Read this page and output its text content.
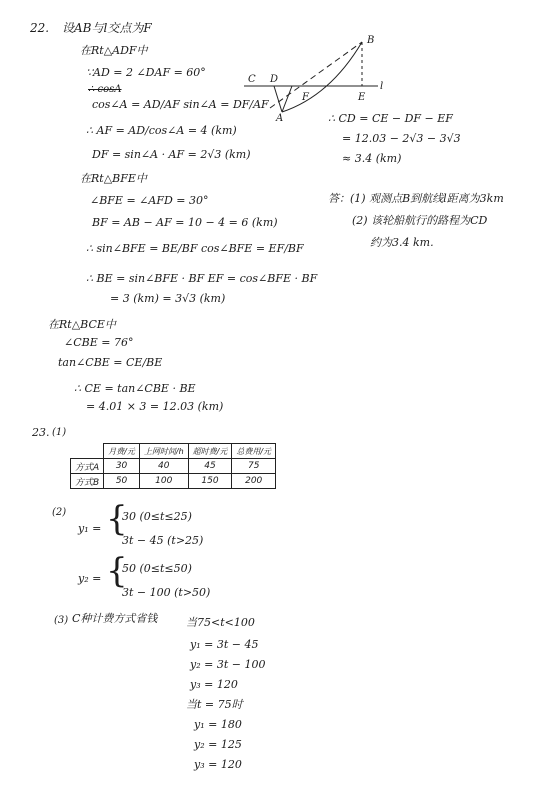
22. 设AB与l交点为F
在Rt△ADF中
∵AD = 2 ∠DAF = 60°
∴ cosA
cos∠A = AD/AF sin∠A = DF/AF
∴ AF = AD/cos∠A = 4 (km)
DF = sin∠A · AF = 2√3 (km)
在Rt△BFE中
∠BFE = ∠AFD = 30°
BF = AB − AF = 10 − 4 = 6 (km)
∴ sin∠BFE = BE/BF cos∠BFE = EF/BF
∴ BE = sin∠BFE · BF EF = cos∠BFE · BF
= 3 (km) = 3√3 (km)
在Rt△BCE中
∠CBE = 76°
tan∠CBE = CE/BE
∴ CE = tan∠CBE · BE
= 4.01 × 3 = 12.03 (km)
B
C D
F	E
l
A	∴ CD = CE − DF − EF
= 12.03 − 2√3 − 3√3
≈ 3.4 (km)
答：(1) 观测点B到航线l距离为3km
(2) 该轮船航行的路程为CD
约为3.4 km.
23. (1)
	月费/元	上网时间/h	超时费/元	总费用/元
方式A	30	40	45	75
方式B	50	100	150	200
(2)
y₁ = {
30 (0≤t≤25)
3t − 45 (t>25)
y₂ = {
50 (0≤t≤50)
3t − 100 (t>50)
(3) C种计费方式省钱	当75<t<100
y₁ = 3t − 45
y₂ = 3t − 100
y₃ = 120
当t = 75时
y₁ = 180
y₂ = 125
y₃ = 120
